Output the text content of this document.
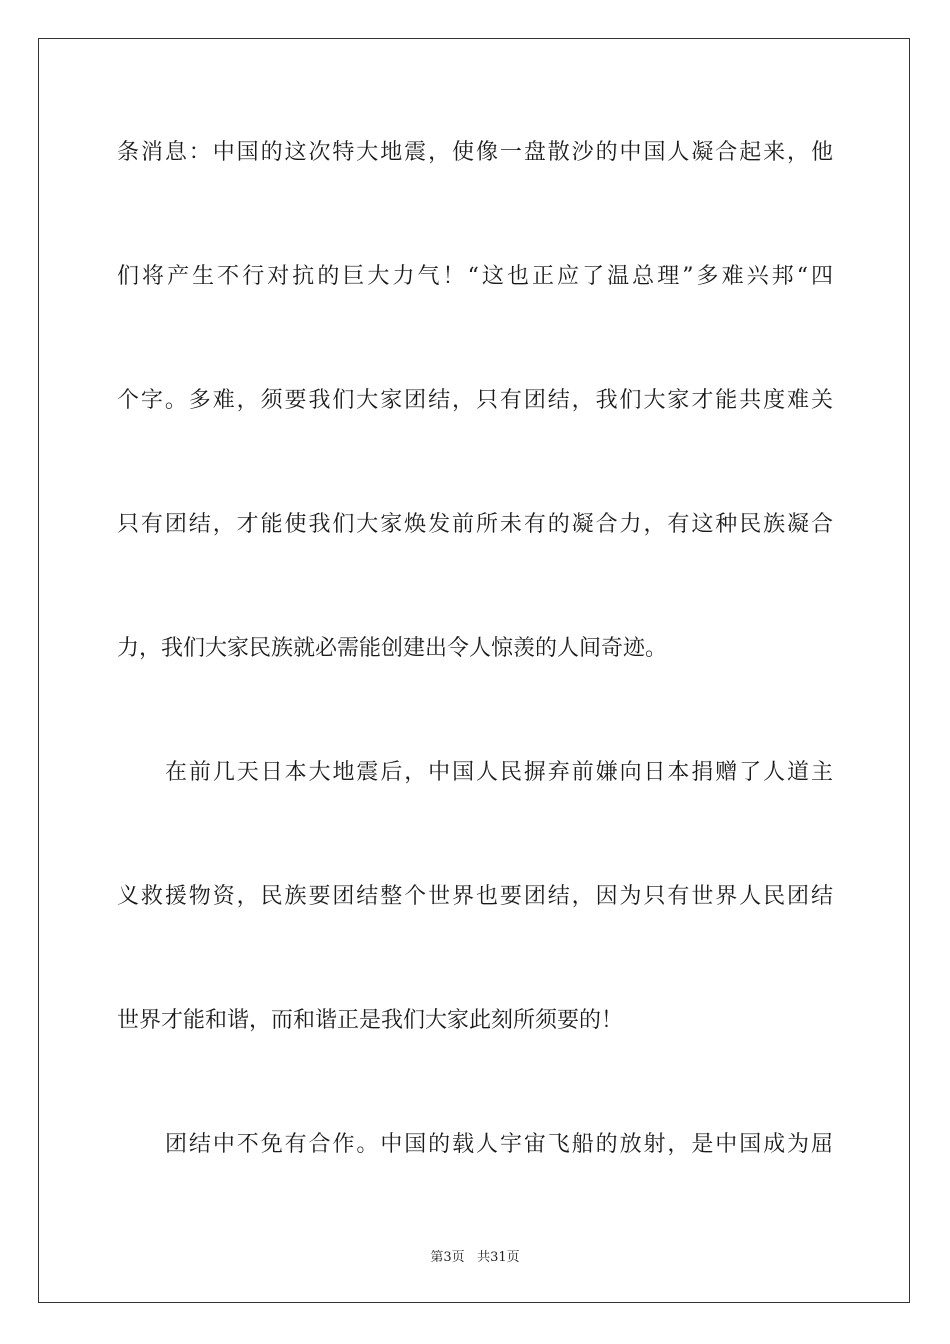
条消息：中国的这次特大地震，使像一盘散沙的中国人凝合起来，他
们将产生不行对抗的巨大力气！“这也正应了温总理”多难兴邦“四
个字。多难，须要我们大家团结，只有团结，我们大家才能共度难关
只有团结，才能使我们大家焕发前所未有的凝合力，有这种民族凝合
力，我们大家民族就必需能创建出令人惊羡的人间奇迹。
在前几天日本大地震后，中国人民摒弃前嫌向日本捐赠了人道主
义救援物资，民族要团结整个世界也要团结，因为只有世界人民团结
世界才能和谐，而和谐正是我们大家此刻所须要的！
团结中不免有合作。中国的载人宇宙飞船的放射，是中国成为屈
第3页 共31页
